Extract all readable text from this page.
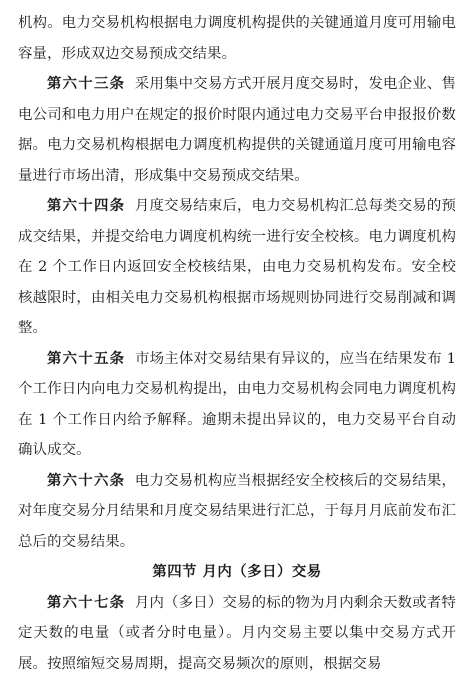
机构。电力交易机构根据电力调度机构提供的关键通道月度可用输电容量，形成双边交易预成交结果。

第六十三条 采用集中交易方式开展月度交易时，发电企业、售电公司和电力用户在规定的报价时限内通过电力交易平台申报报价数据。电力交易机构根据电力调度机构提供的关键通道月度可用输电容量进行市场出清，形成集中交易预成交结果。

第六十四条 月度交易结束后，电力交易机构汇总每类交易的预成交结果，并提交给电力调度机构统一进行安全校核。电力调度机构在 2 个工作日内返回安全校核结果，由电力交易机构发布。安全校核越限时，由相关电力交易机构根据市场规则协同进行交易削减和调整。

第六十五条 市场主体对交易结果有异议的，应当在结果发布 1 个工作日内向电力交易机构提出，由电力交易机构会同电力调度机构在 1 个工作日内给予解释。逾期未提出异议的，电力交易平台自动确认成交。

第六十六条 电力交易机构应当根据经安全校核后的交易结果，对年度交易分月结果和月度交易结果进行汇总，于每月月底前发布汇总后的交易结果。

第四节 月内（多日）交易

第六十七条 月内（多日）交易的标的物为月内剩余天数或者特定天数的电量（或者分时电量）。月内交易主要以集中交易方式开展。按照缩短交易周期，提高交易频次的原则，根据交易
